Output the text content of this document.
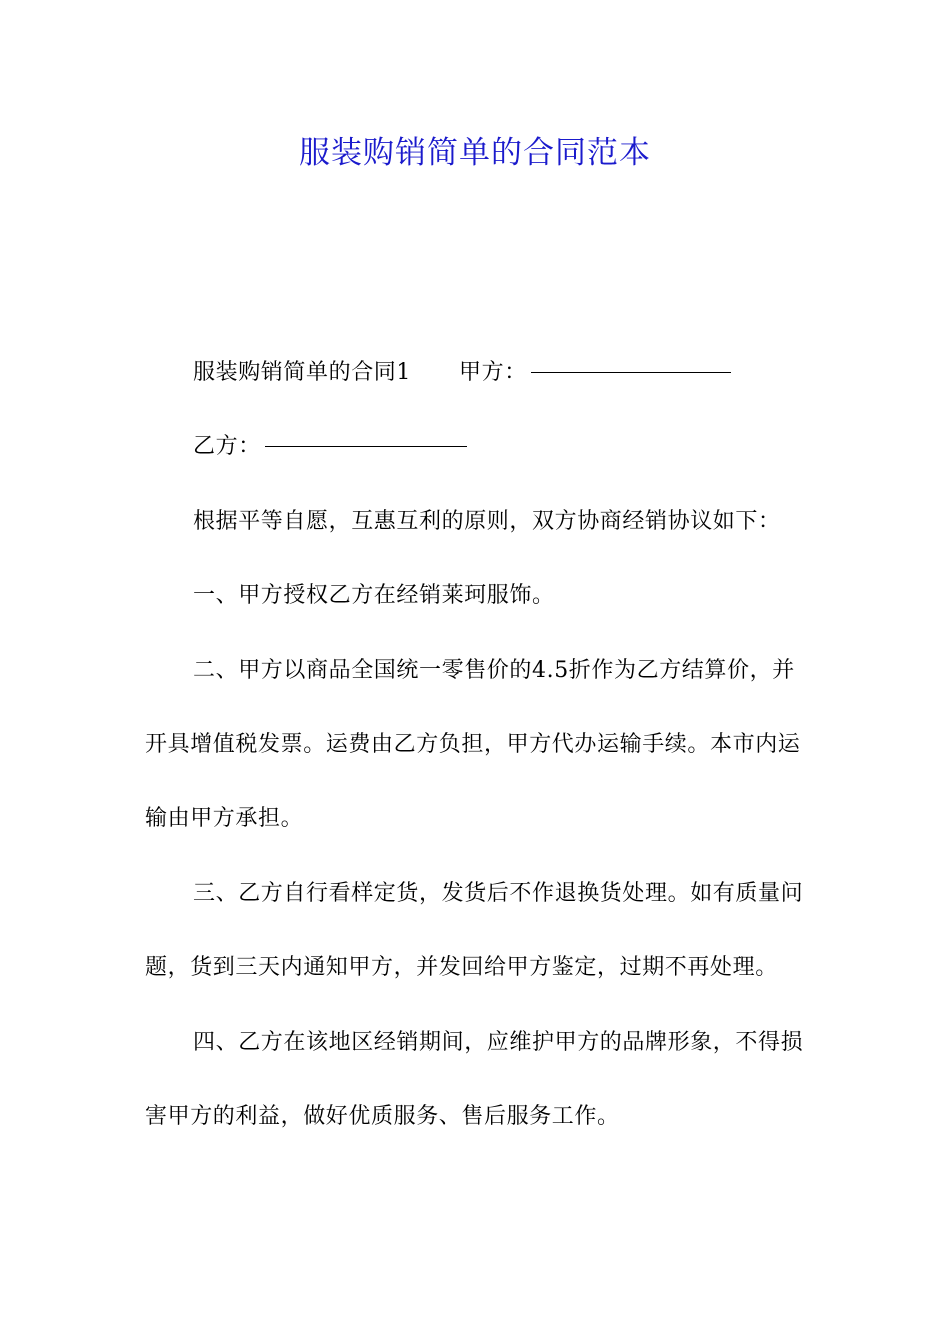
服装购销简单的合同范本

服装购销简单的合同1 甲方：

乙方：

根据平等自愿，互惠互利的原则，双方协商经销协议如下：

一、甲方授权乙方在经销莱珂服饰。

二、甲方以商品全国统一零售价的4.5折作为乙方结算价，并开具增值税发票。运费由乙方负担，甲方代办运输手续。本市内运输由甲方承担。

三、乙方自行看样定货，发货后不作退换货处理。如有质量问题，货到三天内通知甲方，并发回给甲方鉴定，过期不再处理。

四、乙方在该地区经销期间，应维护甲方的品牌形象，不得损害甲方的利益，做好优质服务、售后服务工作。
